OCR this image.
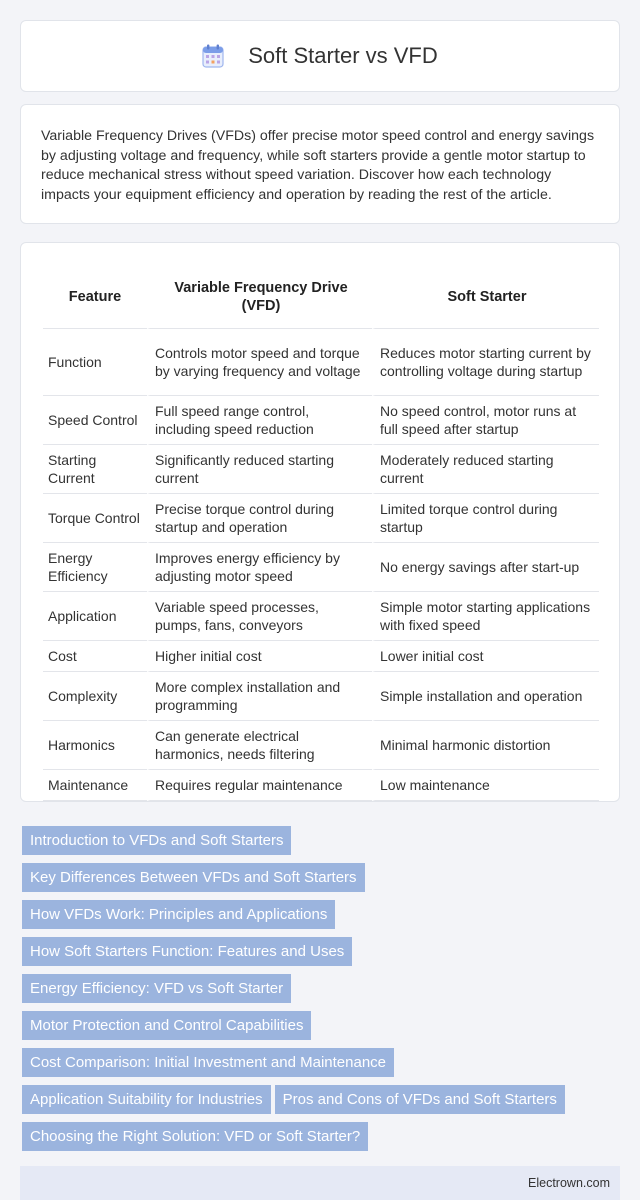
Soft Starter vs VFD

Variable Frequency Drives (VFDs) offer precise motor speed control and energy savings by adjusting voltage and frequency, while soft starters provide a gentle motor startup to reduce mechanical stress without speed variation. Discover how each technology impacts your equipment efficiency and operation by reading the rest of the article.

Feature	Variable Frequency Drive (VFD)	Soft Starter
Function	Controls motor speed and torque by varying frequency and voltage	Reduces motor starting current by controlling voltage during startup
Speed Control	Full speed range control, including speed reduction	No speed control, motor runs at full speed after startup
Starting Current	Significantly reduced starting current	Moderately reduced starting current
Torque Control	Precise torque control during startup and operation	Limited torque control during startup
Energy Efficiency	Improves energy efficiency by adjusting motor speed	No energy savings after start-up
Application	Variable speed processes, pumps, fans, conveyors	Simple motor starting applications with fixed speed
Cost	Higher initial cost	Lower initial cost
Complexity	More complex installation and programming	Simple installation and operation
Harmonics	Can generate electrical harmonics, needs filtering	Minimal harmonic distortion
Maintenance	Requires regular maintenance	Low maintenance
Introduction to VFDs and Soft Starters
Key Differences Between VFDs and Soft Starters
How VFDs Work: Principles and Applications
How Soft Starters Function: Features and Uses
Energy Efficiency: VFD vs Soft Starter
Motor Protection and Control Capabilities
Cost Comparison: Initial Investment and Maintenance
Application Suitability for Industries Pros and Cons of VFDs and Soft Starters
Choosing the Right Solution: VFD or Soft Starter?
Electrown.com
